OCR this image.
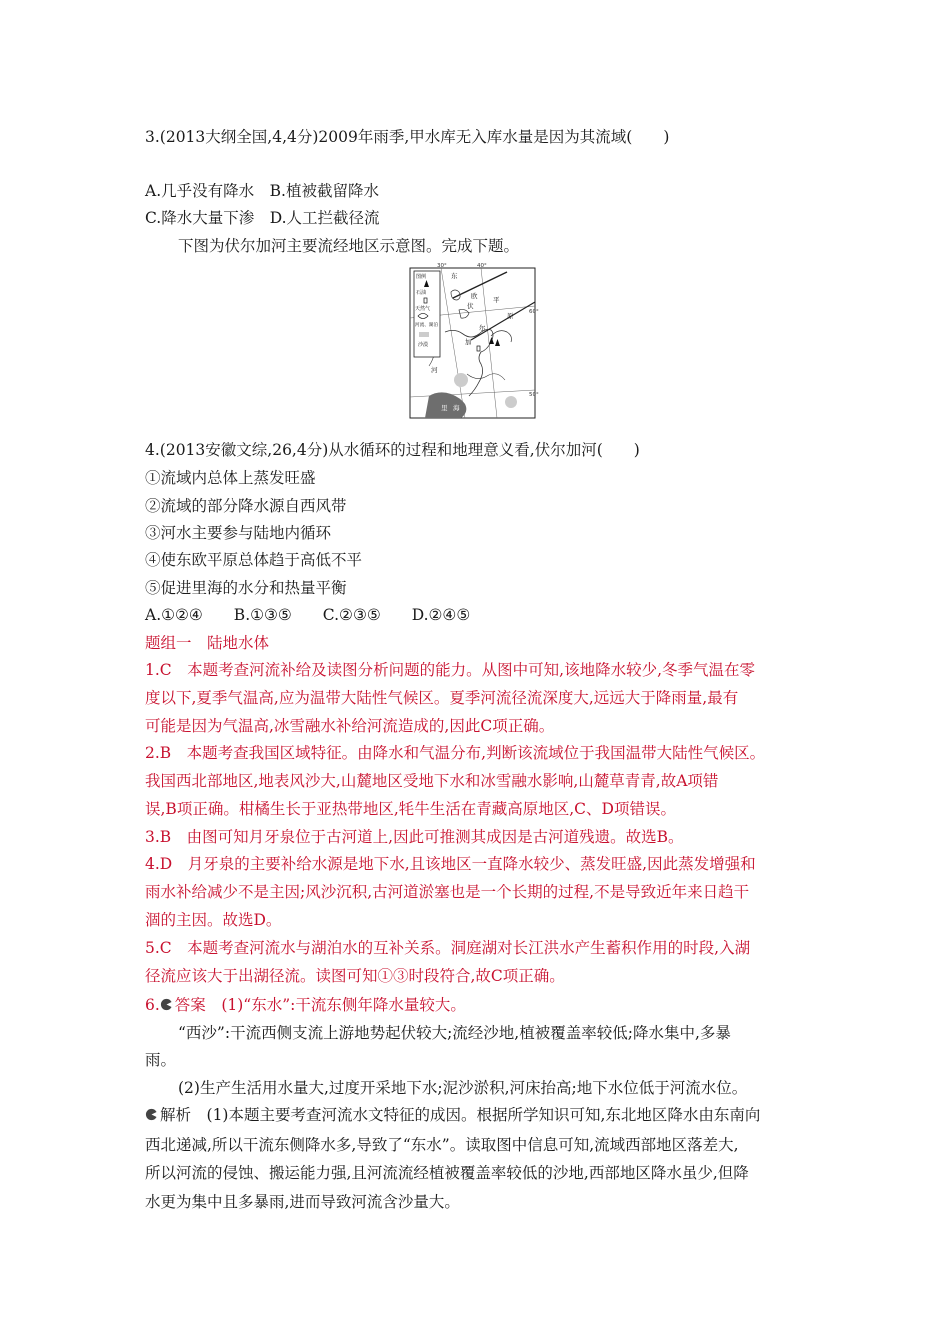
3.(2013大纲全国,4,4分)2009年雨季,甲水库无入库水量是因为其流域(　　)
A.几乎没有降水　B.植被截留降水
C.降水大量下渗　D.人工拦截径流
下图为伏尔加河主要流经地区示意图。完成下题。
30°	40°
60°
50°
图例
石油
天然气
河流、湖泊
沙漠
东
欧
伏
平
原
尔
加
河
里 海
4.(2013安徽文综,26,4分)从水循环的过程和地理意义看,伏尔加河(　　)
①流域内总体上蒸发旺盛
②流域的部分降水源自西风带
③河水主要参与陆地内循环
④使东欧平原总体趋于高低不平
⑤促进里海的水分和热量平衡
A.①②④　　B.①③⑤　　C.②③⑤　　D.②④⑤
题组一　陆地水体
1.C　本题考查河流补给及读图分析问题的能力。从图中可知,该地降水较少,冬季气温在零
度以下,夏季气温高,应为温带大陆性气候区。夏季河流径流深度大,远远大于降雨量,最有
可能是因为气温高,冰雪融水补给河流造成的,因此C项正确。
2.B　本题考查我国区域特征。由降水和气温分布,判断该流域位于我国温带大陆性气候区。
我国西北部地区,地表风沙大,山麓地区受地下水和冰雪融水影响,山麓草青青,故A项错
误,B项正确。柑橘生长于亚热带地区,牦牛生活在青藏高原地区,C、D项错误。
3.B　由图可知月牙泉位于古河道上,因此可推测其成因是古河道残遗。故选B。
4.D　月牙泉的主要补给水源是地下水,且该地区一直降水较少、蒸发旺盛,因此蒸发增强和
雨水补给减少不是主因;风沙沉积,古河道淤塞也是一个长期的过程,不是导致近年来日趋干
涸的主因。故选D。
5.C　本题考查河流水与湖泊水的互补关系。洞庭湖对长江洪水产生蓄积作用的时段,入湖
径流应该大于出湖径流。读图可知①③时段符合,故C项正确。
6. 答案　(1)“东水”:干流东侧年降水量较大。
“西沙”:干流西侧支流上游地势起伏较大;流经沙地,植被覆盖率较低;降水集中,多暴
雨。
(2)生产生活用水量大,过度开采地下水;泥沙淤积,河床抬高;地下水位低于河流水位。
解析　(1)本题主要考查河流水文特征的成因。根据所学知识可知,东北地区降水由东南向
西北递减,所以干流东侧降水多,导致了“东水”。读取图中信息可知,流域西部地区落差大,
所以河流的侵蚀、搬运能力强,且河流流经植被覆盖率较低的沙地,西部地区降水虽少,但降
水更为集中且多暴雨,进而导致河流含沙量大。
